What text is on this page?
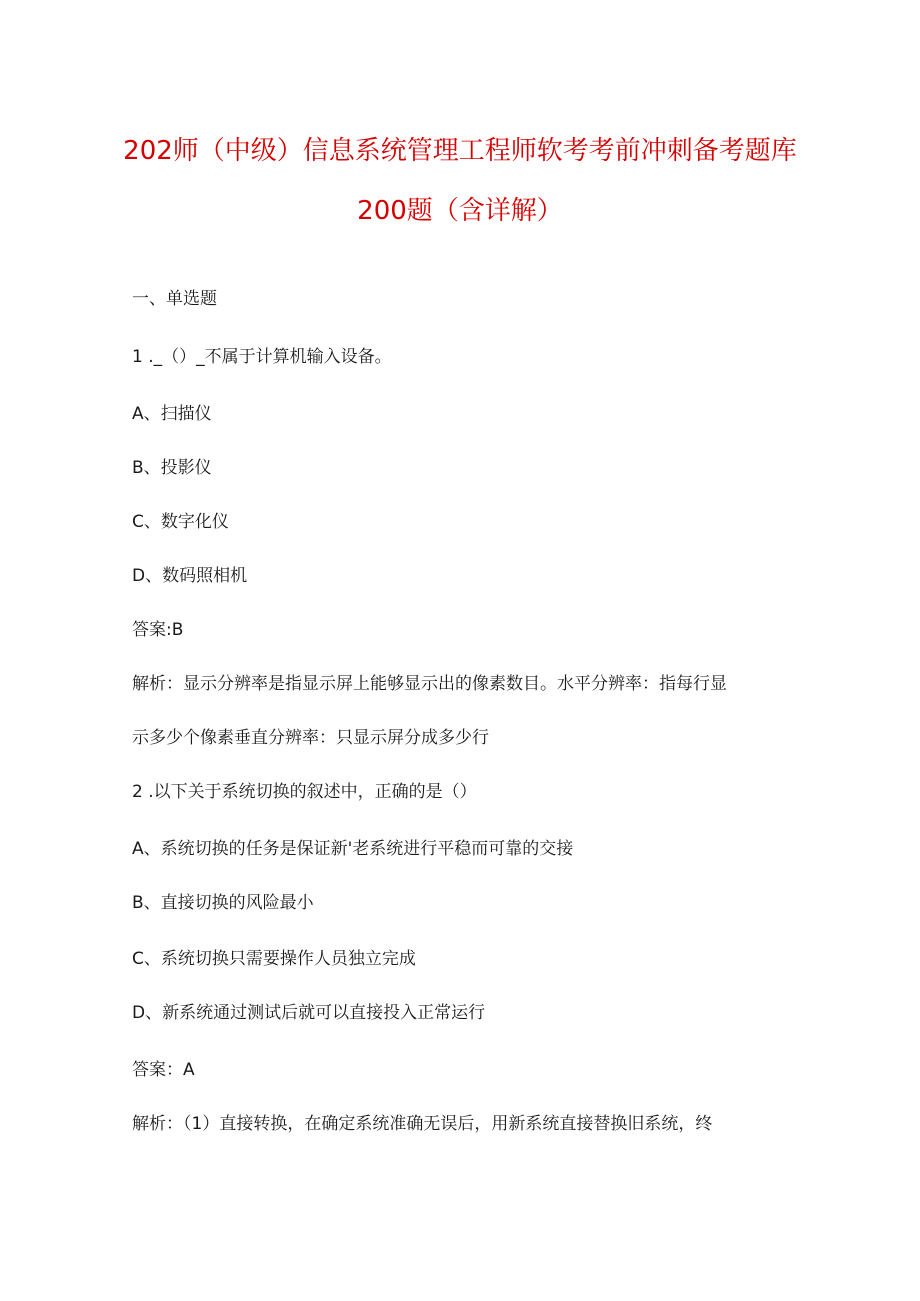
202师（中级）信息系统管理工程师软考考前冲刺备考题库
200题（含详解）
一、单选题
1 ._（）_不属于计算机输入设备。
A、扫描仪
B、投影仪
C、数字化仪
D、数码照相机
答案:B
解析：显示分辨率是指显示屏上能够显示出的像素数目。水平分辨率：指每行显
示多少个像素垂直分辨率：只显示屏分成多少行
2 .以下关于系统切换的叙述中，正确的是（）
A、系统切换的任务是保证新'老系统进行平稳而可靠的交接
B、直接切换的风险最小
C、系统切换只需要操作人员独立完成
D、新系统通过测试后就可以直接投入正常运行
答案：A
解析：（1）直接转换，在确定系统准确无误后，用新系统直接替换旧系统，终
